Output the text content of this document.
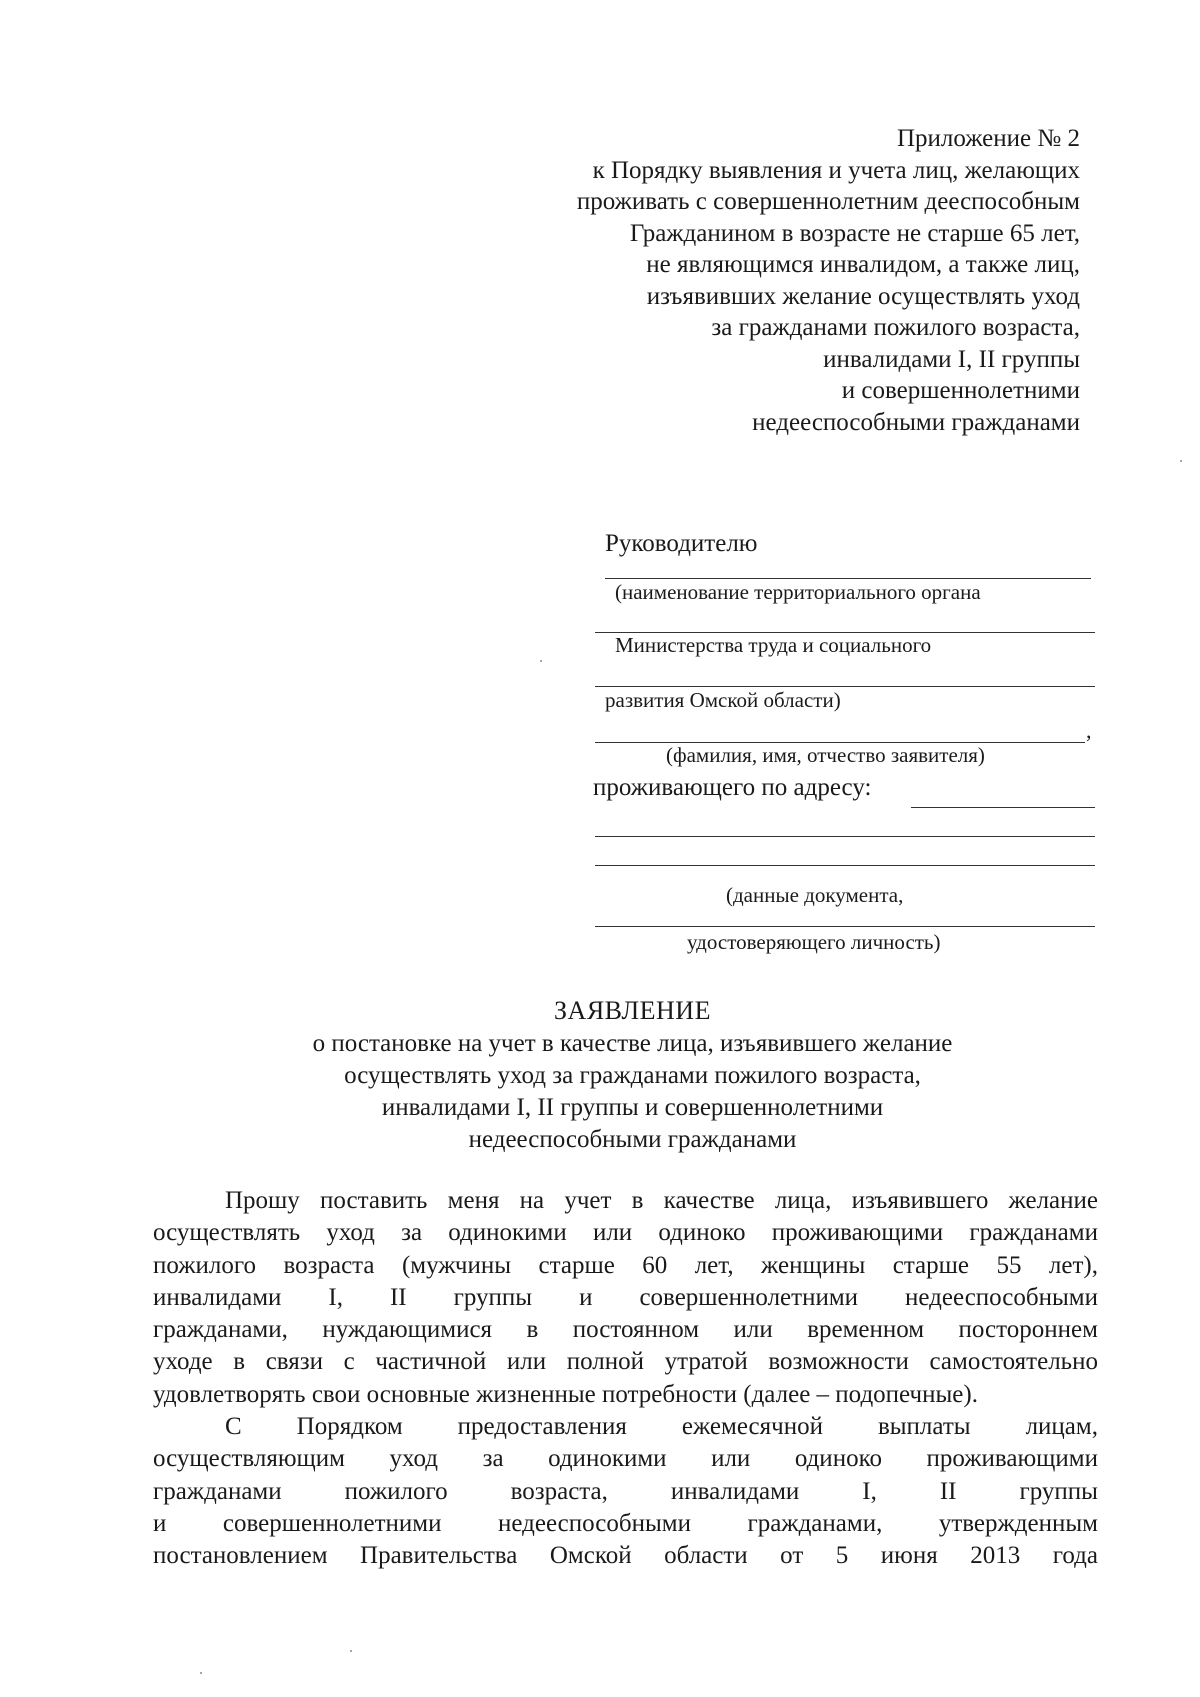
Приложение № 2
к Порядку выявления и учета лиц, желающих
проживать с совершеннолетним дееспособным
Гражданином в возрасте не старше 65 лет,
не являющимся инвалидом, а также лиц,
изъявивших желание осуществлять уход
за гражданами пожилого возраста,
инвалидами I, II группы
и совершеннолетними
недееспособными гражданами
Руководителю
(наименование территориального органа
Министерства труда и социального
развития Омской области)
,
(фамилия, имя, отчество заявителя)
проживающего по адресу:
(данные документа,
удостоверяющего личность)
ЗАЯВЛЕНИЕ
о постановке на учет в качестве лица, изъявившего желание
осуществлять уход за гражданами пожилого возраста,
инвалидами I, II группы и совершеннолетними
недееспособными гражданами
Прошу поставить меня на учет в качестве лица, изъявившего желание
осуществлять уход за одинокими или одиноко проживающими гражданами
пожилого возраста (мужчины старше 60 лет, женщины старше 55 лет),
инвалидами I, II группы и совершеннолетними недееспособными
гражданами, нуждающимися в постоянном или временном постороннем
уходе в связи с частичной или полной утратой возможности самостоятельно
удовлетворять свои основные жизненные потребности (далее – подопечные).
С Порядком предоставления ежемесячной выплаты лицам,
осуществляющим уход за одинокими или одиноко проживающими
гражданами	пожилого	возраста,	инвалидами	I,	II	группы
и совершеннолетними недееспособными гражданами, утвержденным
постановлением Правительства Омской области от 5 июня 2013 года
